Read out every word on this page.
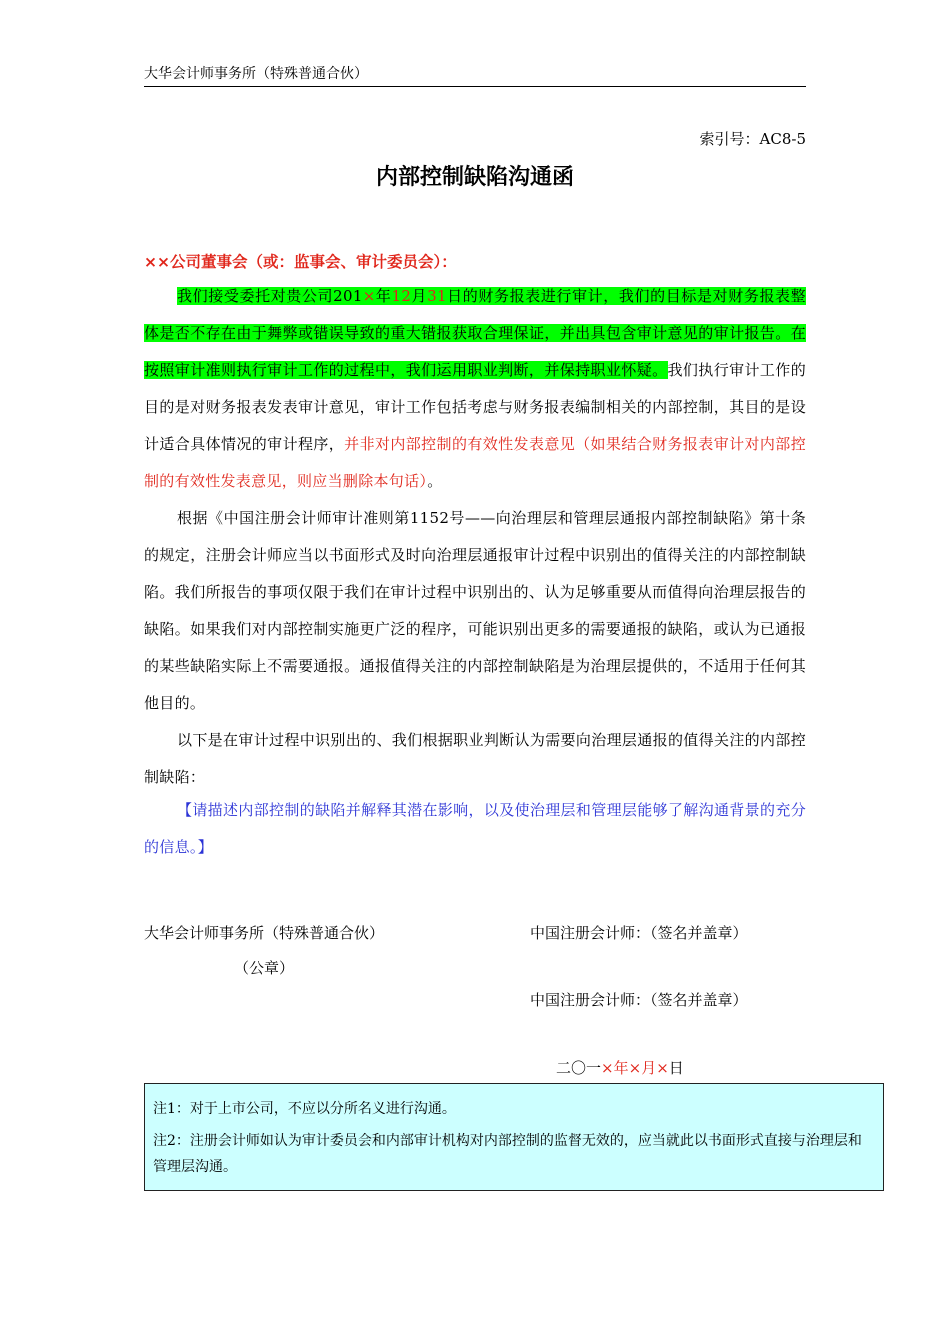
大华会计师事务所（特殊普通合伙）
索引号：AC8-5
内部控制缺陷沟通函
××公司董事会（或：监事会、审计委员会）：

我们接受委托对贵公司201×年12月31日的财务报表进行审计，我们的目标是对财务报表整体是否不存在由于舞弊或错误导致的重大错报获取合理保证，并出具包含审计意见的审计报告。在按照审计准则执行审计工作的过程中，我们运用职业判断，并保持职业怀疑。我们执行审计工作的目的是对财务报表发表审计意见，审计工作包括考虑与财务报表编制相关的内部控制，其目的是设计适合具体情况的审计程序，并非对内部控制的有效性发表意见（如果结合财务报表审计对内部控制的有效性发表意见，则应当删除本句话）。

根据《中国注册会计师审计准则第1152号——向治理层和管理层通报内部控制缺陷》第十条的规定，注册会计师应当以书面形式及时向治理层通报审计过程中识别出的值得关注的内部控制缺陷。我们所报告的事项仅限于我们在审计过程中识别出的、认为足够重要从而值得向治理层报告的缺陷。如果我们对内部控制实施更广泛的程序，可能识别出更多的需要通报的缺陷，或认为已通报的某些缺陷实际上不需要通报。通报值得关注的内部控制缺陷是为治理层提供的，不适用于任何其他目的。

以下是在审计过程中识别出的、我们根据职业判断认为需要向治理层通报的值得关注的内部控制缺陷：

【请描述内部控制的缺陷并解释其潜在影响，以及使治理层和管理层能够了解沟通背景的充分的信息。】

大华会计师事务所（特殊普通合伙）
（公章）
中国注册会计师：（签名并盖章）
中国注册会计师：（签名并盖章）
二〇一×年×月×日

注1：对于上市公司，不应以分所名义进行沟通。

注2：注册会计师如认为审计委员会和内部审计机构对内部控制的监督无效的，应当就此以书面形式直接与治理层和管理层沟通。
